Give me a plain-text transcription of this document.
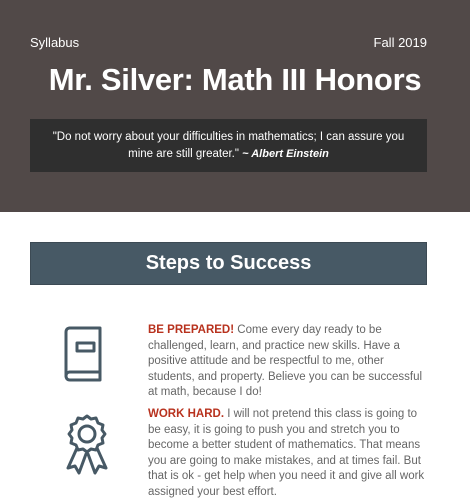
Syllabus	Fall 2019
Mr. Silver: Math III Honors
"Do not worry about your difficulties in mathematics; I can assure you mine are still greater." ~ Albert Einstein
Steps to Success
BE PREPARED! Come every day ready to be challenged, learn, and practice new skills. Have a positive attitude and be respectful to me, other students, and property. Believe you can be successful at math, because I do!
WORK HARD. I will not pretend this class is going to be easy, it is going to push you and stretch you to become a better student of mathematics. That means you are going to make mistakes, and at times fail. But that is ok - get help when you need it and give all work assigned your best effort.
